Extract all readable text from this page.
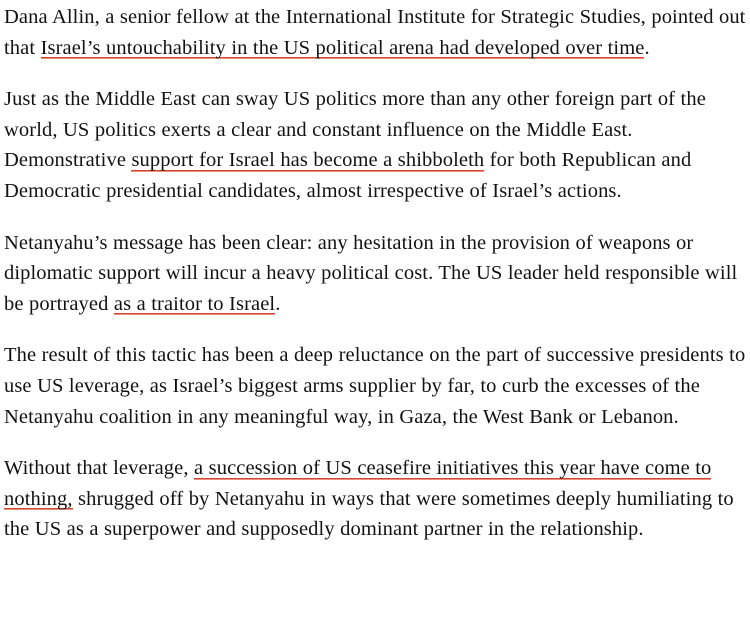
Dana Allin, a senior fellow at the International Institute for Strategic Studies, pointed out that Israel’s untouchability in the US political arena had developed over time.

Just as the Middle East can sway US politics more than any other foreign part of the world, US politics exerts a clear and constant influence on the Middle East. Demonstrative support for Israel has become a shibboleth for both Republican and Democratic presidential candidates, almost irrespective of Israel’s actions.

Netanyahu’s message has been clear: any hesitation in the provision of weapons or diplomatic support will incur a heavy political cost. The US leader held responsible will be portrayed as a traitor to Israel.

The result of this tactic has been a deep reluctance on the part of successive presidents to use US leverage, as Israel’s biggest arms supplier by far, to curb the excesses of the Netanyahu coalition in any meaningful way, in Gaza, the West Bank or Lebanon.

Without that leverage, a succession of US ceasefire initiatives this year have come to nothing, shrugged off by Netanyahu in ways that were sometimes deeply humiliating to the US as a superpower and supposedly dominant partner in the relationship.
